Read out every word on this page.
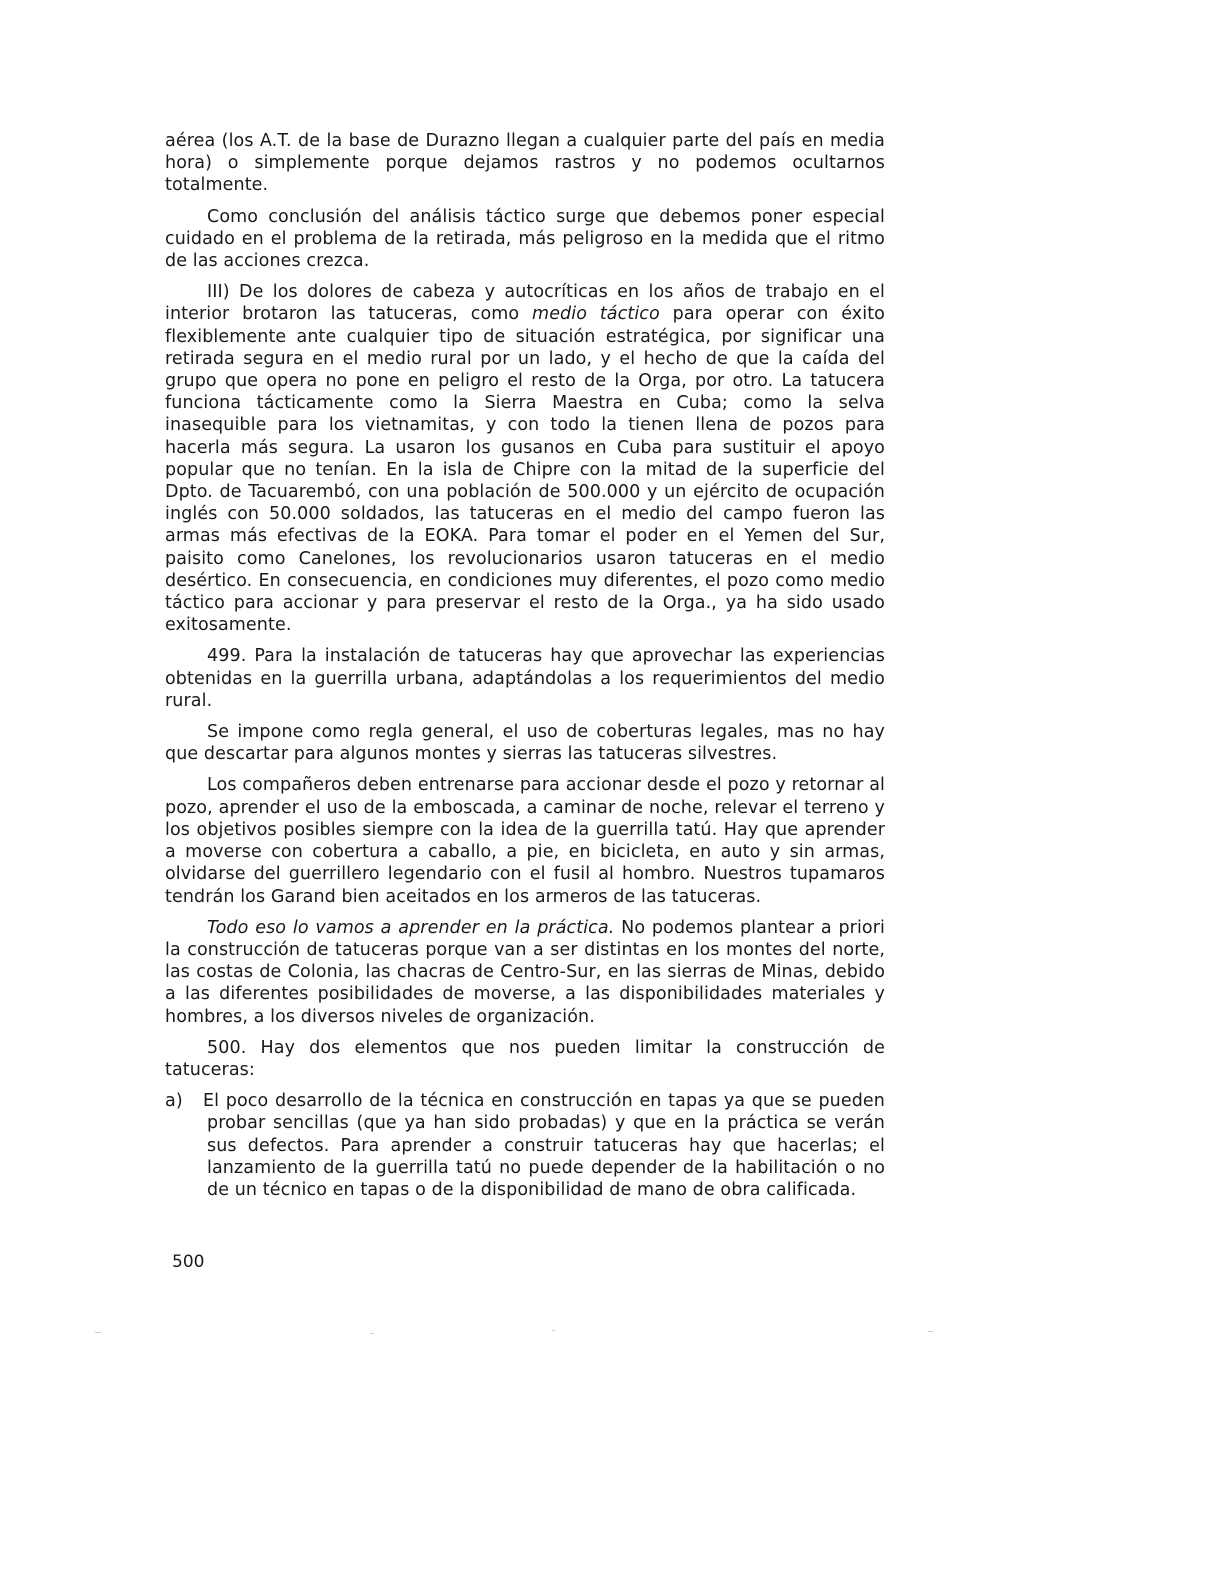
aérea (los A.T. de la base de Durazno llegan a cualquier parte del país en media hora) o simplemente porque dejamos rastros y no podemos ocultarnos totalmente.

Como conclusión del análisis táctico surge que debemos poner especial cuidado en el problema de la retirada, más peligroso en la medida que el ritmo de las acciones crezca.

III) De los dolores de cabeza y autocríticas en los años de trabajo en el interior brotaron las tatuceras, como medio táctico para operar con éxito flexiblemente ante cualquier tipo de situación estratégica, por significar una retirada segura en el medio rural por un lado, y el hecho de que la caída del grupo que opera no pone en peligro el resto de la Orga, por otro. La tatucera funciona tácticamente como la Sierra Maestra en Cuba; como la selva inasequible para los vietnamitas, y con todo la tienen llena de pozos para hacerla más segura. La usaron los gusanos en Cuba para sustituir el apoyo popular que no tenían. En la isla de Chipre con la mitad de la superficie del Dpto. de Tacuarembó, con una población de 500.000 y un ejército de ocupación inglés con 50.000 soldados, las tatuceras en el medio del campo fueron las armas más efectivas de la EOKA. Para tomar el poder en el Yemen del Sur, paisito como Canelones, los revolucionarios usaron tatuceras en el medio desértico. En consecuencia, en condiciones muy diferentes, el pozo como medio táctico para accionar y para preservar el resto de la Orga., ya ha sido usado exitosamente.

499. Para la instalación de tatuceras hay que aprovechar las experiencias obtenidas en la guerrilla urbana, adaptándolas a los requerimientos del medio rural.

Se impone como regla general, el uso de coberturas legales, mas no hay que descartar para algunos montes y sierras las tatuceras silvestres.

Los compañeros deben entrenarse para accionar desde el pozo y retornar al pozo, aprender el uso de la emboscada, a caminar de noche, relevar el terreno y los objetivos posibles siempre con la idea de la guerrilla tatú. Hay que aprender a moverse con cobertura a caballo, a pie, en bicicleta, en auto y sin armas, olvidarse del guerrillero legendario con el fusil al hombro. Nuestros tupamaros tendrán los Garand bien aceitados en los armeros de las tatuceras.

Todo eso lo vamos a aprender en la práctica. No podemos plantear a priori la construcción de tatuceras porque van a ser distintas en los montes del norte, las costas de Colonia, las chacras de Centro-Sur, en las sierras de Minas, debido a las diferentes posibilidades de moverse, a las disponibilidades materiales y hombres, a los diversos niveles de organización.

500. Hay dos elementos que nos pueden limitar la construcción de tatuceras:

a) El poco desarrollo de la técnica en construcción en tapas ya que se pueden probar sencillas (que ya han sido probadas) y que en la práctica se verán sus defectos. Para aprender a construir tatuceras hay que hacerlas; el lanzamiento de la guerrilla tatú no puede depender de la habilitación o no de un técnico en tapas o de la disponibilidad de mano de obra calificada.

500
